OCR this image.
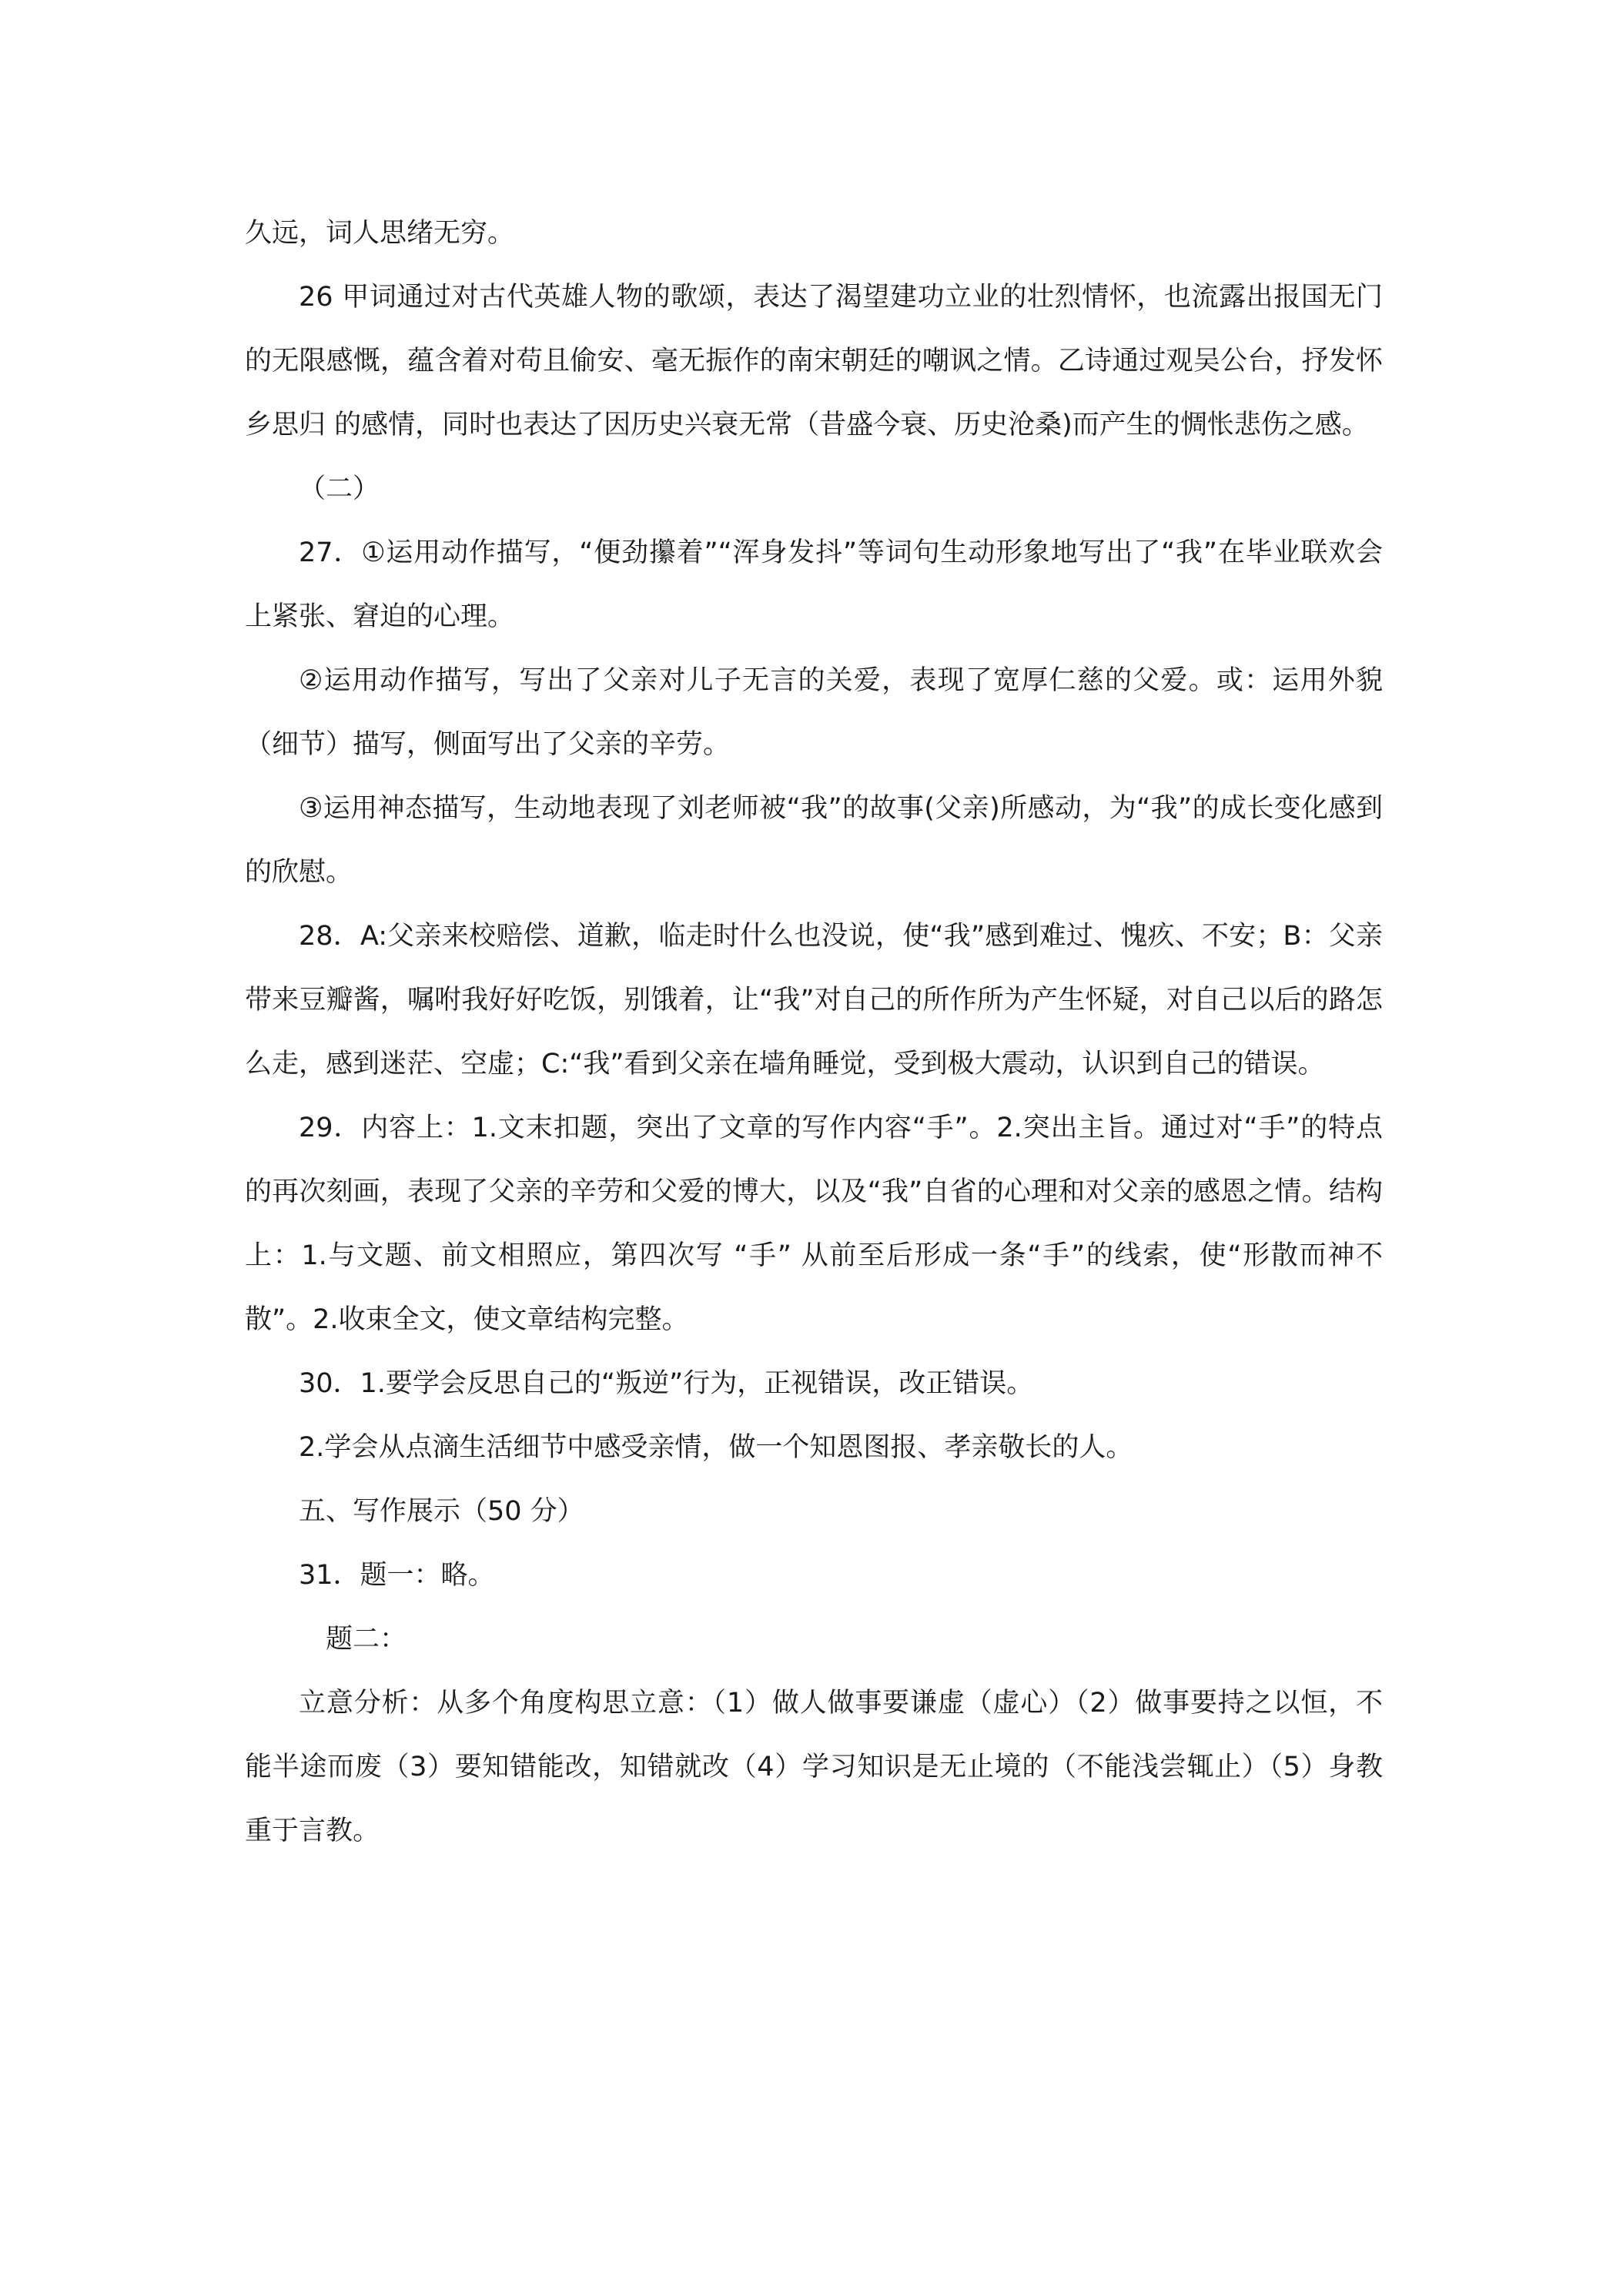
久远，词人思绪无穷。

26 甲词通过对古代英雄人物的歌颂，表达了渴望建功立业的壮烈情怀，也流露出报国无门的无限感慨，蕴含着对苟且偷安、毫无振作的南宋朝廷的嘲讽之情。乙诗通过观吴公台，抒发怀乡思归 的感情，同时也表达了因历史兴衰无常（昔盛今衰、历史沧桑)而产生的惆怅悲伤之感。

（二）

27．①运用动作描写，“便劲攥着”“浑身发抖”等词句生动形象地写出了“我”在毕业联欢会上紧张、窘迫的心理。

②运用动作描写，写出了父亲对儿子无言的关爱，表现了宽厚仁慈的父爱。或：运用外貌（细节）描写，侧面写出了父亲的辛劳。

③运用神态描写，生动地表现了刘老师被“我”的故事(父亲)所感动，为“我”的成长变化感到的欣慰。

28．A:父亲来校赔偿、道歉，临走时什么也没说，使“我”感到难过、愧疚、不安；B：父亲带来豆瓣酱，嘱咐我好好吃饭，别饿着，让“我”对自己的所作所为产生怀疑，对自己以后的路怎么走，感到迷茫、空虚；C:“我”看到父亲在墙角睡觉，受到极大震动，认识到自己的错误。

29．内容上：1.文末扣题，突出了文章的写作内容“手”。2.突出主旨。通过对“手”的特点的再次刻画，表现了父亲的辛劳和父爱的博大，以及“我”自省的心理和对父亲的感恩之情。结构上：1.与文题、前文相照应，第四次写 “手” 从前至后形成一条“手”的线索，使“形散而神不散”。2.收束全文，使文章结构完整。

30．1.要学会反思自己的“叛逆”行为，正视错误，改正错误。

2.学会从点滴生活细节中感受亲情，做一个知恩图报、孝亲敬长的人。

五、写作展示（50 分）

31．题一：略。

题二：

立意分析：从多个角度构思立意：（1）做人做事要谦虚（虚心）（2）做事要持之以恒，不能半途而废（3）要知错能改，知错就改（4）学习知识是无止境的（不能浅尝辄止）（5）身教重于言教。
